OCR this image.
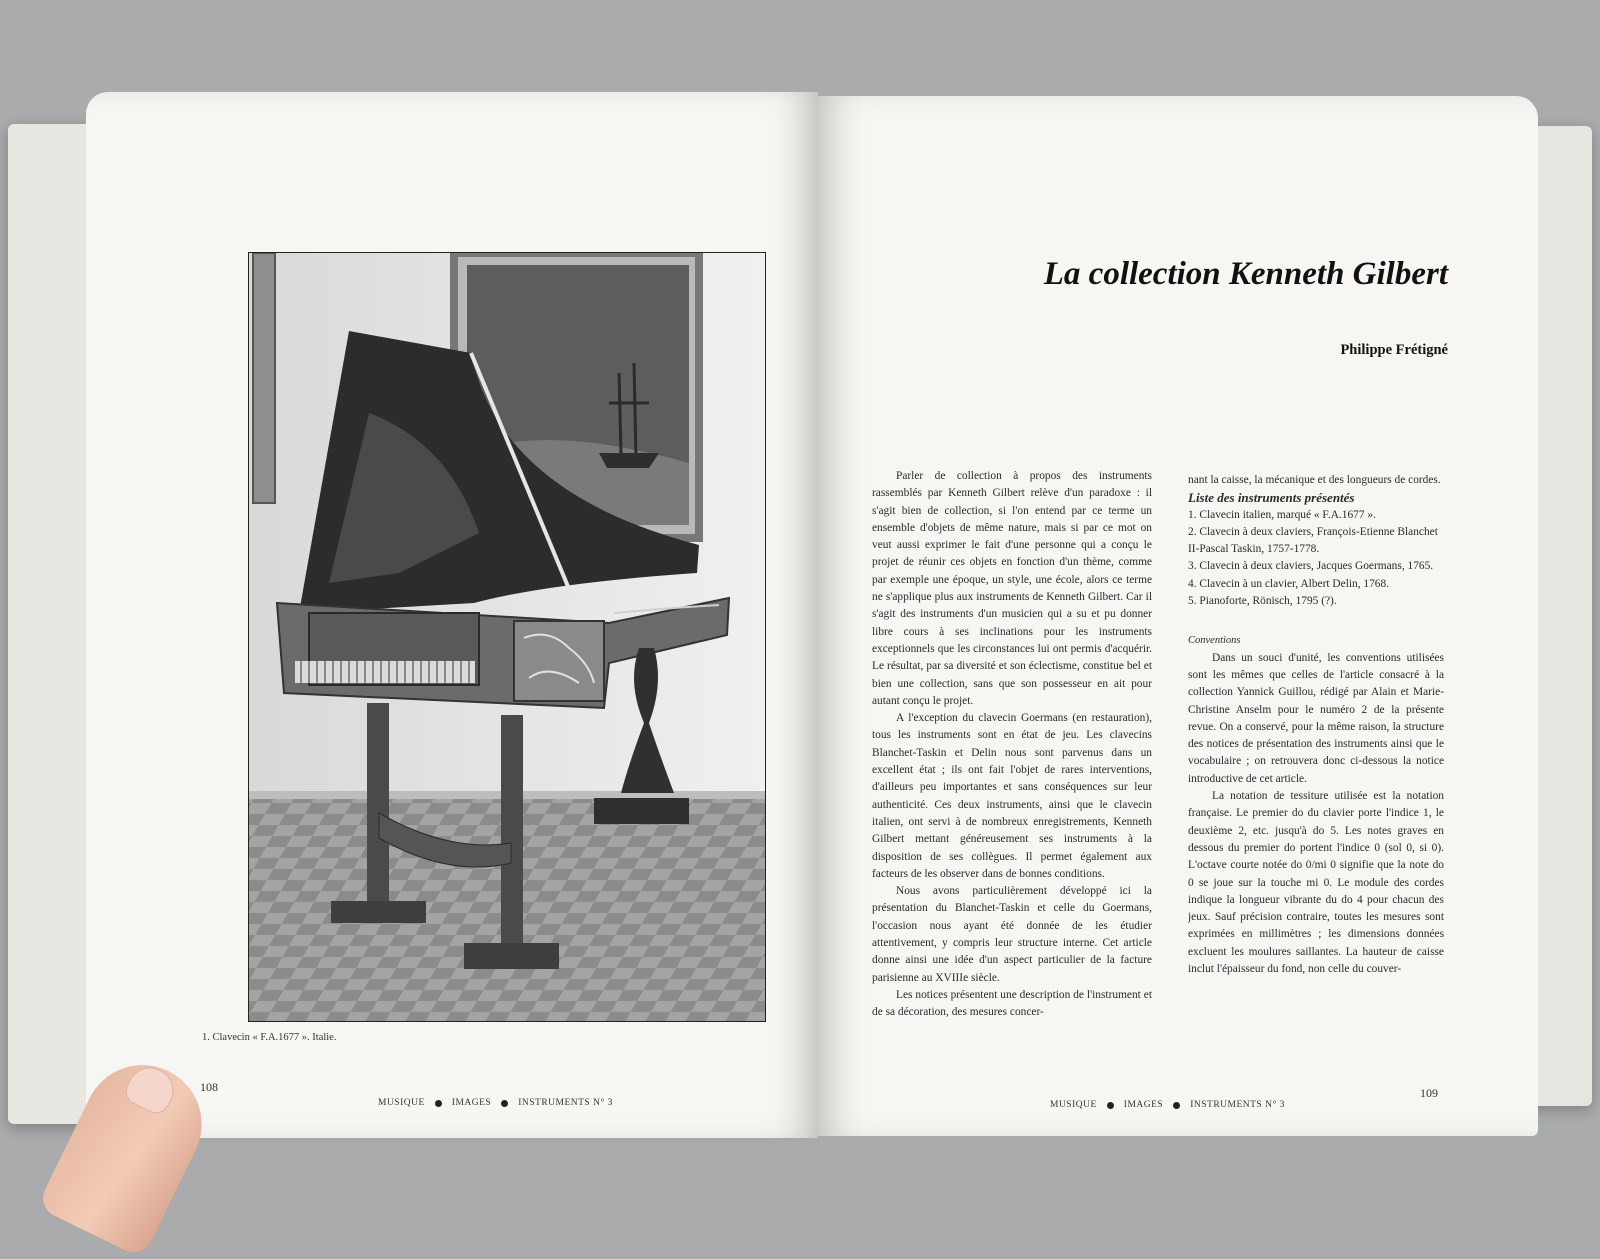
1. Clavecin « F.A.1677 ». Italie.
108
MUSIQUE	IMAGES	INSTRUMENTS N° 3
La collection Kenneth Gilbert
Philippe Frétigné

Parler de collection à propos des instruments rassemblés par Kenneth Gilbert relève d'un paradoxe : il s'agit bien de collection, si l'on entend par ce terme un ensemble d'objets de même nature, mais si par ce mot on veut aussi exprimer le fait d'une personne qui a conçu le projet de réunir ces objets en fonction d'un thème, comme par exemple une époque, un style, une école, alors ce terme ne s'applique plus aux instruments de Kenneth Gilbert. Car il s'agit des instruments d'un musicien qui a su et pu donner libre cours à ses inclinations pour les instruments exceptionnels que les circonstances lui ont permis d'acquérir. Le résultat, par sa diversité et son éclectisme, constitue bel et bien une collection, sans que son possesseur en ait pour autant conçu le projet.

A l'exception du clavecin Goermans (en restauration), tous les instruments sont en état de jeu. Les clavecins Blanchet-Taskin et Delin nous sont parvenus dans un excellent état ; ils ont fait l'objet de rares interventions, d'ailleurs peu importantes et sans conséquences sur leur authenticité. Ces deux instruments, ainsi que le clavecin italien, ont servi à de nombreux enregistrements, Kenneth Gilbert mettant généreusement ses instruments à la disposition de ses collègues. Il permet également aux facteurs de les observer dans de bonnes conditions.

Nous avons particulièrement développé ici la présentation du Blanchet-Taskin et celle du Goermans, l'occasion nous ayant été donnée de les étudier attentivement, y compris leur structure interne. Cet article donne ainsi une idée d'un aspect particulier de la facture parisienne au XVIIIe siècle.

Les notices présentent une description de l'instrument et de sa décoration, des mesures concer-

nant la caisse, la mécanique et des longueurs de cordes.

Liste des instruments présentés

1. Clavecin italien, marqué « F.A.1677 ».
2. Clavecin à deux claviers, François-Etienne Blanchet II-Pascal Taskin, 1757-1778.
3. Clavecin à deux claviers, Jacques Goermans, 1765.
4. Clavecin à un clavier, Albert Delin, 1768.
5. Pianoforte, Rönisch, 1795 (?).

Conventions

Dans un souci d'unité, les conventions utilisées sont les mêmes que celles de l'article consacré à la collection Yannick Guillou, rédigé par Alain et Marie-Christine Anselm pour le numéro 2 de la présente revue. On a conservé, pour la même raison, la structure des notices de présentation des instruments ainsi que le vocabulaire ; on retrouvera donc ci-dessous la notice introductive de cet article.

La notation de tessiture utilisée est la notation française. Le premier do du clavier porte l'indice 1, le deuxième 2, etc. jusqu'à do 5. Les notes graves en dessous du premier do portent l'indice 0 (sol 0, si 0). L'octave courte notée do 0/mi 0 signifie que la note do 0 se joue sur la touche mi 0. Le module des cordes indique la longueur vibrante du do 4 pour chacun des jeux. Sauf précision contraire, toutes les mesures sont exprimées en millimètres ; les dimensions données excluent les moulures saillantes. La hauteur de caisse inclut l'épaisseur du fond, non celle du couver-

109
MUSIQUE	IMAGES	INSTRUMENTS N° 3
